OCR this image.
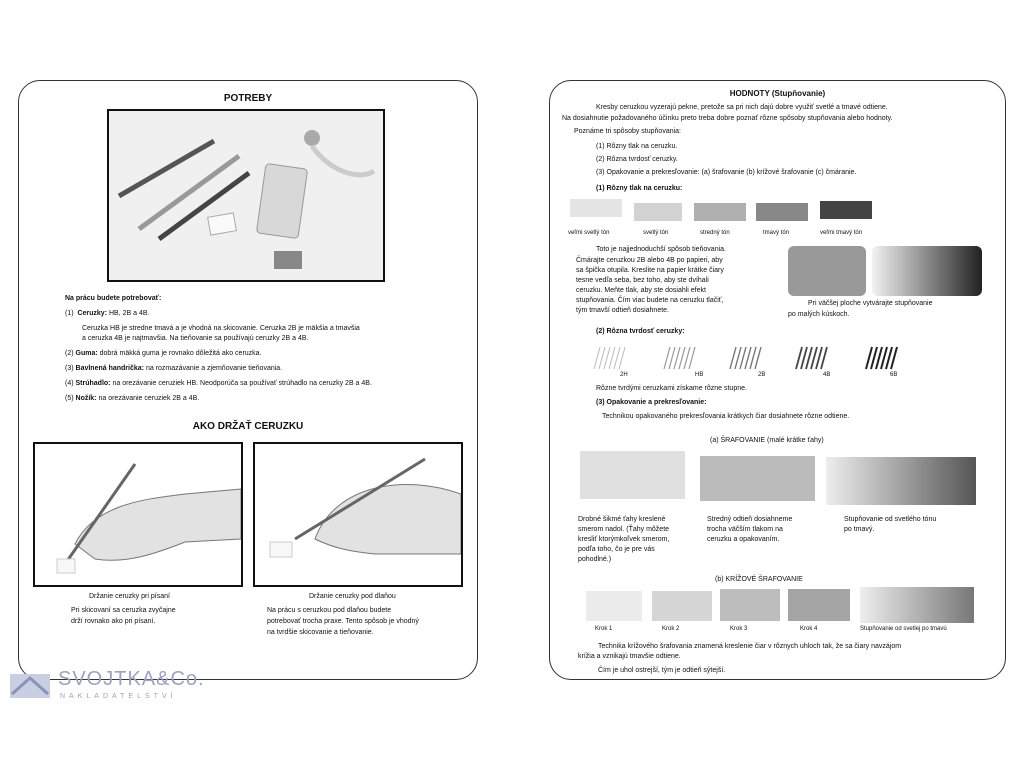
POTREBY
Na prácu budete potrebovať:
(1) Ceruzky: HB, 2B a 4B.
Ceruzka HB je stredne tmavá a je vhodná na skicovanie. Ceruzka 2B je mäkšia a tmavšia
a ceruzka 4B je najtmavšia. Na tieňovanie sa používajú ceruzky 2B a 4B.
(2) Guma: dobrá mäkká guma je rovnako dôležitá ako ceruzka.
(3) Bavlnená handrička: na rozmazávanie a zjemňovanie tieňovania.
(4) Strúhadlo: na orezávanie ceruziek HB. Neodporúča sa používať strúhadlo na ceruzky 2B a 4B.
(5) Nožík: na orezávanie ceruziek 2B a 4B.
AKO DRŽAŤ CERUZKU
Držanie ceruzky pri písaní
Pri skicovaní sa ceruzka zvyčajne
drží rovnako ako pri písaní.
Držanie ceruzky pod dlaňou
Na prácu s ceruzkou pod dlaňou budete
potrebovať trocha praxe. Tento spôsob je vhodný
na tvrdšie skicovanie a tieňovanie.
HODNOTY (Stupňovanie)
Kresby ceruzkou vyzerajú pekne, pretože sa pri nich dajú dobre využiť svetlé a tmavé odtiene.
Na dosiahnutie požadovaného účinku preto treba dobre poznať rôzne spôsoby stupňovania alebo hodnoty.
Poznáme tri spôsoby stupňovania:
(1) Rôzny tlak na ceruzku.
(2) Rôzna tvrdosť ceruzky.
(3) Opakovanie a prekresľovanie: (a) šrafovanie (b) krížové šrafovanie (c) čmáranie.
(1) Rôzny tlak na ceruzku:
veľmi svetlý tón	svetlý tón	stredný tón	tmavý tón	veľmi tmavý tón
Toto je najjednoduchší spôsob tieňovania.
Čmárajte ceruzkou 2B alebo 4B po papieri, aby
sa špička otupila. Kreslite na papier krátke čiary
tesne vedľa seba, bez toho, aby ste dvíhali
ceruzku. Meňte tlak, aby ste dosiahli efekt
stupňovania. Čím viac budete na ceruzku tlačiť,
tým tmavší odtieň dosiahnete.
Pri väčšej ploche vytvárajte stupňovanie
po malých kúskoch.
(2) Rôzna tvrdosť ceruzky:
2H	HB	2B	4B	6B
Rôzne tvrdými ceruzkami získame rôzne stupne.
(3) Opakovanie a prekresľovanie:
Technikou opakovaného prekresľovania krátkych čiar dosiahnete rôzne odtiene.
(a) ŠRAFOVANIE (malé krátke ťahy)
Drobné šikmé ťahy kreslené
smerom nadol. (Ťahy môžete
kresliť ktorýmkoľvek smerom,
podľa toho, čo je pre vás
pohodlné.)
Stredný odtieň dosiahneme
trocha väčším tlakom na
ceruzku a opakovaním.
Stupňovanie od svetlého tónu
po tmavý.
(b) KRÍŽOVÉ ŠRAFOVANIE
Krok 1	Krok 2	Krok 3	Krok 4	Stupňovanie od svetlej po tmavú
Technika krížového šrafovania znamená kreslenie čiar v rôznych uhloch tak, že sa čiary navzájom
krížia a vznikajú tmavšie odtiene.
Čím je uhol ostrejší, tým je odtieň sýtejší.
SVOJTKA&Co.
NAKLADATELSTVÍ
